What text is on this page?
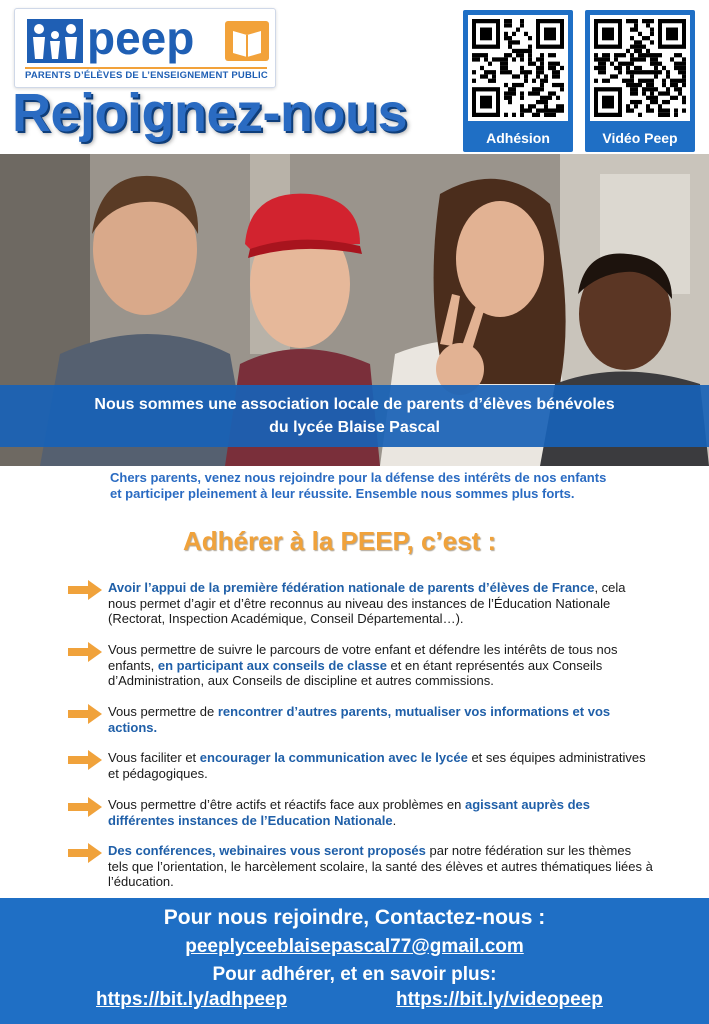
peep
PARENTS D’ÉLÈVES DE L’ENSEIGNEMENT PUBLIC
Rejoignez-nous	Adhésion	Vidéo Peep
Nous sommes une association locale de parents d’élèves bénévoles
du lycée Blaise Pascal
Chers parents, venez nous rejoindre pour la défense des intérêts de nos enfants
et participer pleinement à leur réussite. Ensemble nous sommes plus forts.
Adhérer à la PEEP, c’est :
Avoir l’appui de la première fédération nationale de parents d’élèves de France, cela nous permet d’agir et d’être reconnus au niveau des instances de l’Éducation Nationale (Rectorat, Inspection Académique, Conseil Départemental…).
Vous permettre de suivre le parcours de votre enfant et défendre les intérêts de tous nos enfants, en participant aux conseils de classe et en étant représentés aux Conseils d’Administration, aux Conseils de discipline et autres commissions.
Vous permettre de rencontrer d’autres parents, mutualiser vos informations et vos actions.
Vous faciliter et encourager la communication avec le lycée et ses équipes administratives et pédagogiques.
Vous permettre d’être actifs et réactifs face aux problèmes en agissant auprès des différentes instances de l’Education Nationale.
Des conférences, webinaires vous seront proposés par notre fédération sur les thèmes tels que l’orientation, le harcèlement scolaire, la santé des élèves et autres thématiques liées à l’éducation.
Pour nous rejoindre, Contactez-nous :
peeplyceeblaisepascal77@gmail.com
Pour adhérer, et en savoir plus:
https://bit.ly/adhpeep	https://bit.ly/videopeep
